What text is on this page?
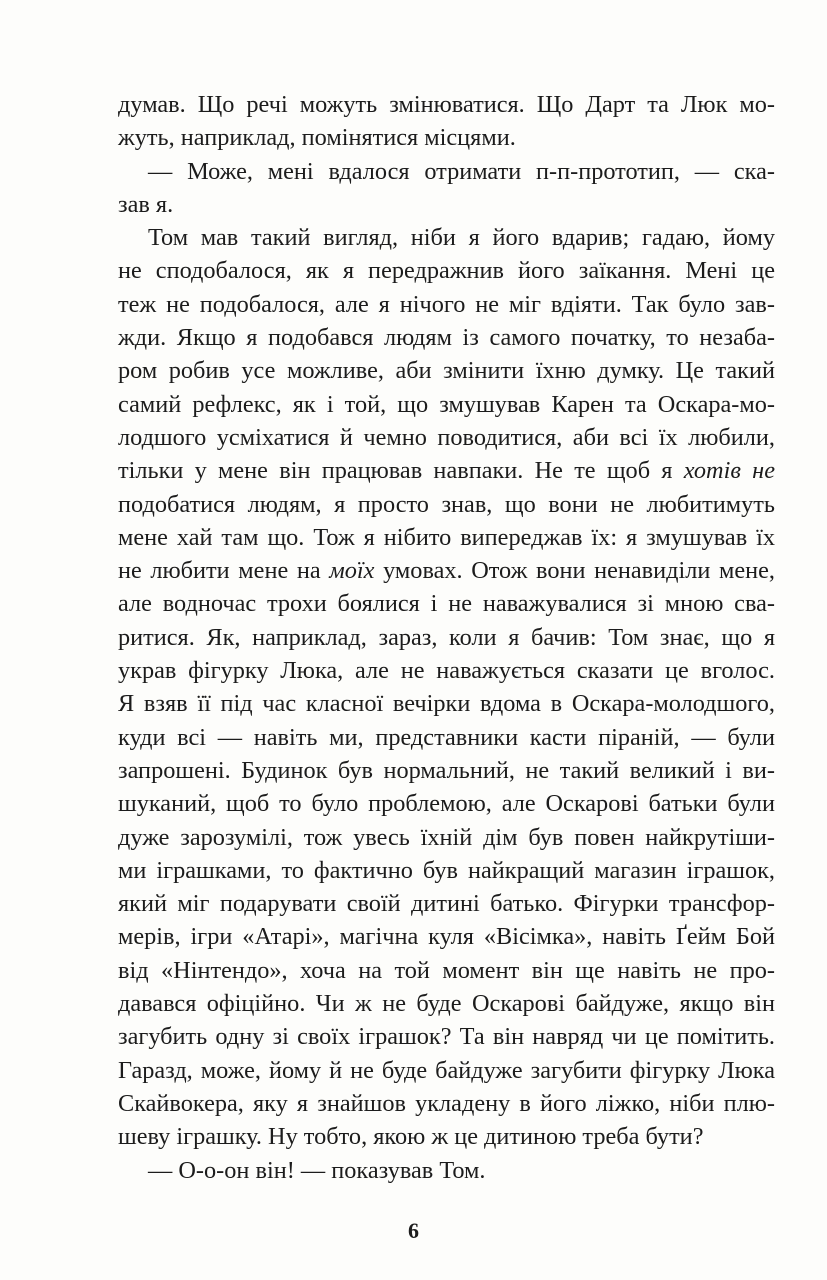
думав. Що речі можуть змінюватися. Що Дарт та Люк мо-
жуть, наприклад, помінятися місцями.
— Може, мені вдалося отримати п-п-прототип, — ска-
зав я.
Том мав такий вигляд, ніби я його вдарив; гадаю, йому
не сподобалося, як я передражнив його заїкання. Мені це
теж не подобалося, але я нічого не міг вдіяти. Так було зав-
жди. Якщо я подобався людям із самого початку, то незаба-
ром робив усе можливе, аби змінити їхню думку. Це такий
самий рефлекс, як і той, що змушував Карен та Оскара-мо-
лодшого усміхатися й чемно поводитися, аби всі їх любили,
тільки у мене він працював навпаки. Не те щоб я хотів не
подобатися людям, я просто знав, що вони не любитимуть
мене хай там що. Тож я нібито випереджав їх: я змушував їх
не любити мене на моїх умовах. Отож вони ненавиділи мене,
але водночас трохи боялися і не наважувалися зі мною сва-
ритися. Як, наприклад, зараз, коли я бачив: Том знає, що я
украв фігурку Люка, але не наважується сказати це вголос.
Я взяв її під час класної вечірки вдома в Оскара-молодшого,
куди всі — навіть ми, представники касти піраній, — були
запрошені. Будинок був нормальний, не такий великий і ви-
шуканий, щоб то було проблемою, але Оскарові батьки були
дуже зарозумілі, тож увесь їхній дім був повен найкрутіши-
ми іграшками, то фактично був найкращий магазин іграшок,
який міг подарувати своїй дитині батько. Фігурки трансфор-
мерів, ігри «Атарі», магічна куля «Вісімка», навіть Ґейм Бой
від «Нінтендо», хоча на той момент він ще навіть не про-
давався офіційно. Чи ж не буде Оскарові байдуже, якщо він
загубить одну зі своїх іграшок? Та він навряд чи це помітить.
Гаразд, може, йому й не буде байдуже загубити фігурку Люка
Скайвокера, яку я знайшов укладену в його ліжко, ніби плю-
шеву іграшку. Ну тобто, якою ж це дитиною треба бути?
— О-о-он він! — показував Том.
6
